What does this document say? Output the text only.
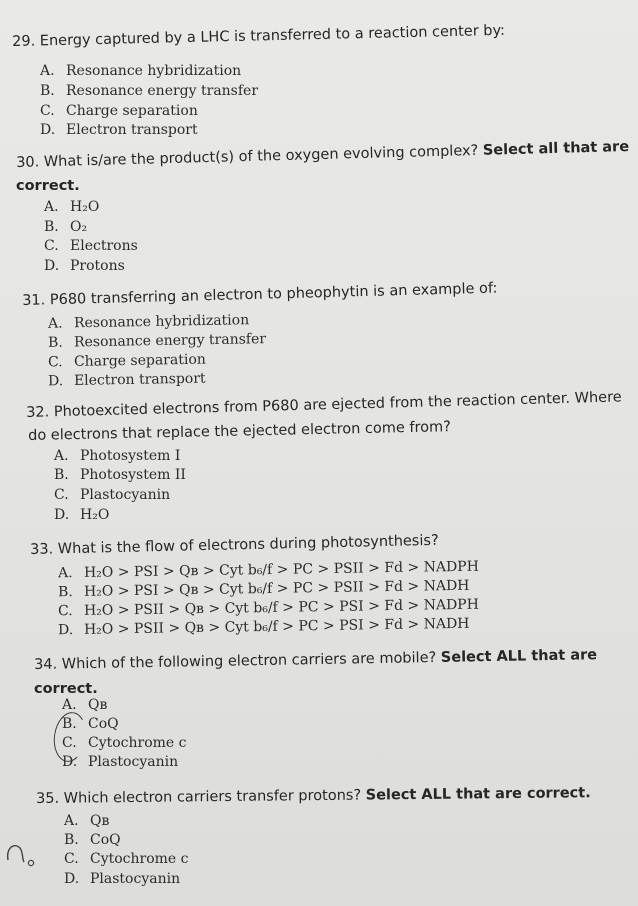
29. Energy captured by a LHC is transferred to a reaction center by:
A. Resonance hybridization
B. Resonance energy transfer
C. Charge separation
D. Electron transport
30. What is/are the product(s) of the oxygen evolving complex? Select all that are
correct.
A. H₂O
B. O₂
C. Electrons
D. Protons
31. P680 transferring an electron to pheophytin is an example of:
A. Resonance hybridization
B. Resonance energy transfer
C. Charge separation
D. Electron transport
32. Photoexcited electrons from P680 are ejected from the reaction center. Where
do electrons that replace the ejected electron come from?
A. Photosystem I
B. Photosystem II
C. Plastocyanin
D. H₂O
33. What is the flow of electrons during photosynthesis?
A. H₂O > PSI > Qʙ > Cyt b₆/f > PC > PSII > Fd > NADPH
B. H₂O > PSI > Qʙ > Cyt b₆/f > PC > PSII > Fd > NADH
C. H₂O > PSII > Qʙ > Cyt b₆/f > PC > PSI > Fd > NADPH
D. H₂O > PSII > Qʙ > Cyt b₆/f > PC > PSI > Fd > NADH
34. Which of the following electron carriers are mobile? Select ALL that are
correct.
A. Qʙ
B. CoQ
C. Cytochrome c
D. Plastocyanin
35. Which electron carriers transfer protons? Select ALL that are correct.
A. Qʙ
B. CoQ
C. Cytochrome c
D. Plastocyanin
